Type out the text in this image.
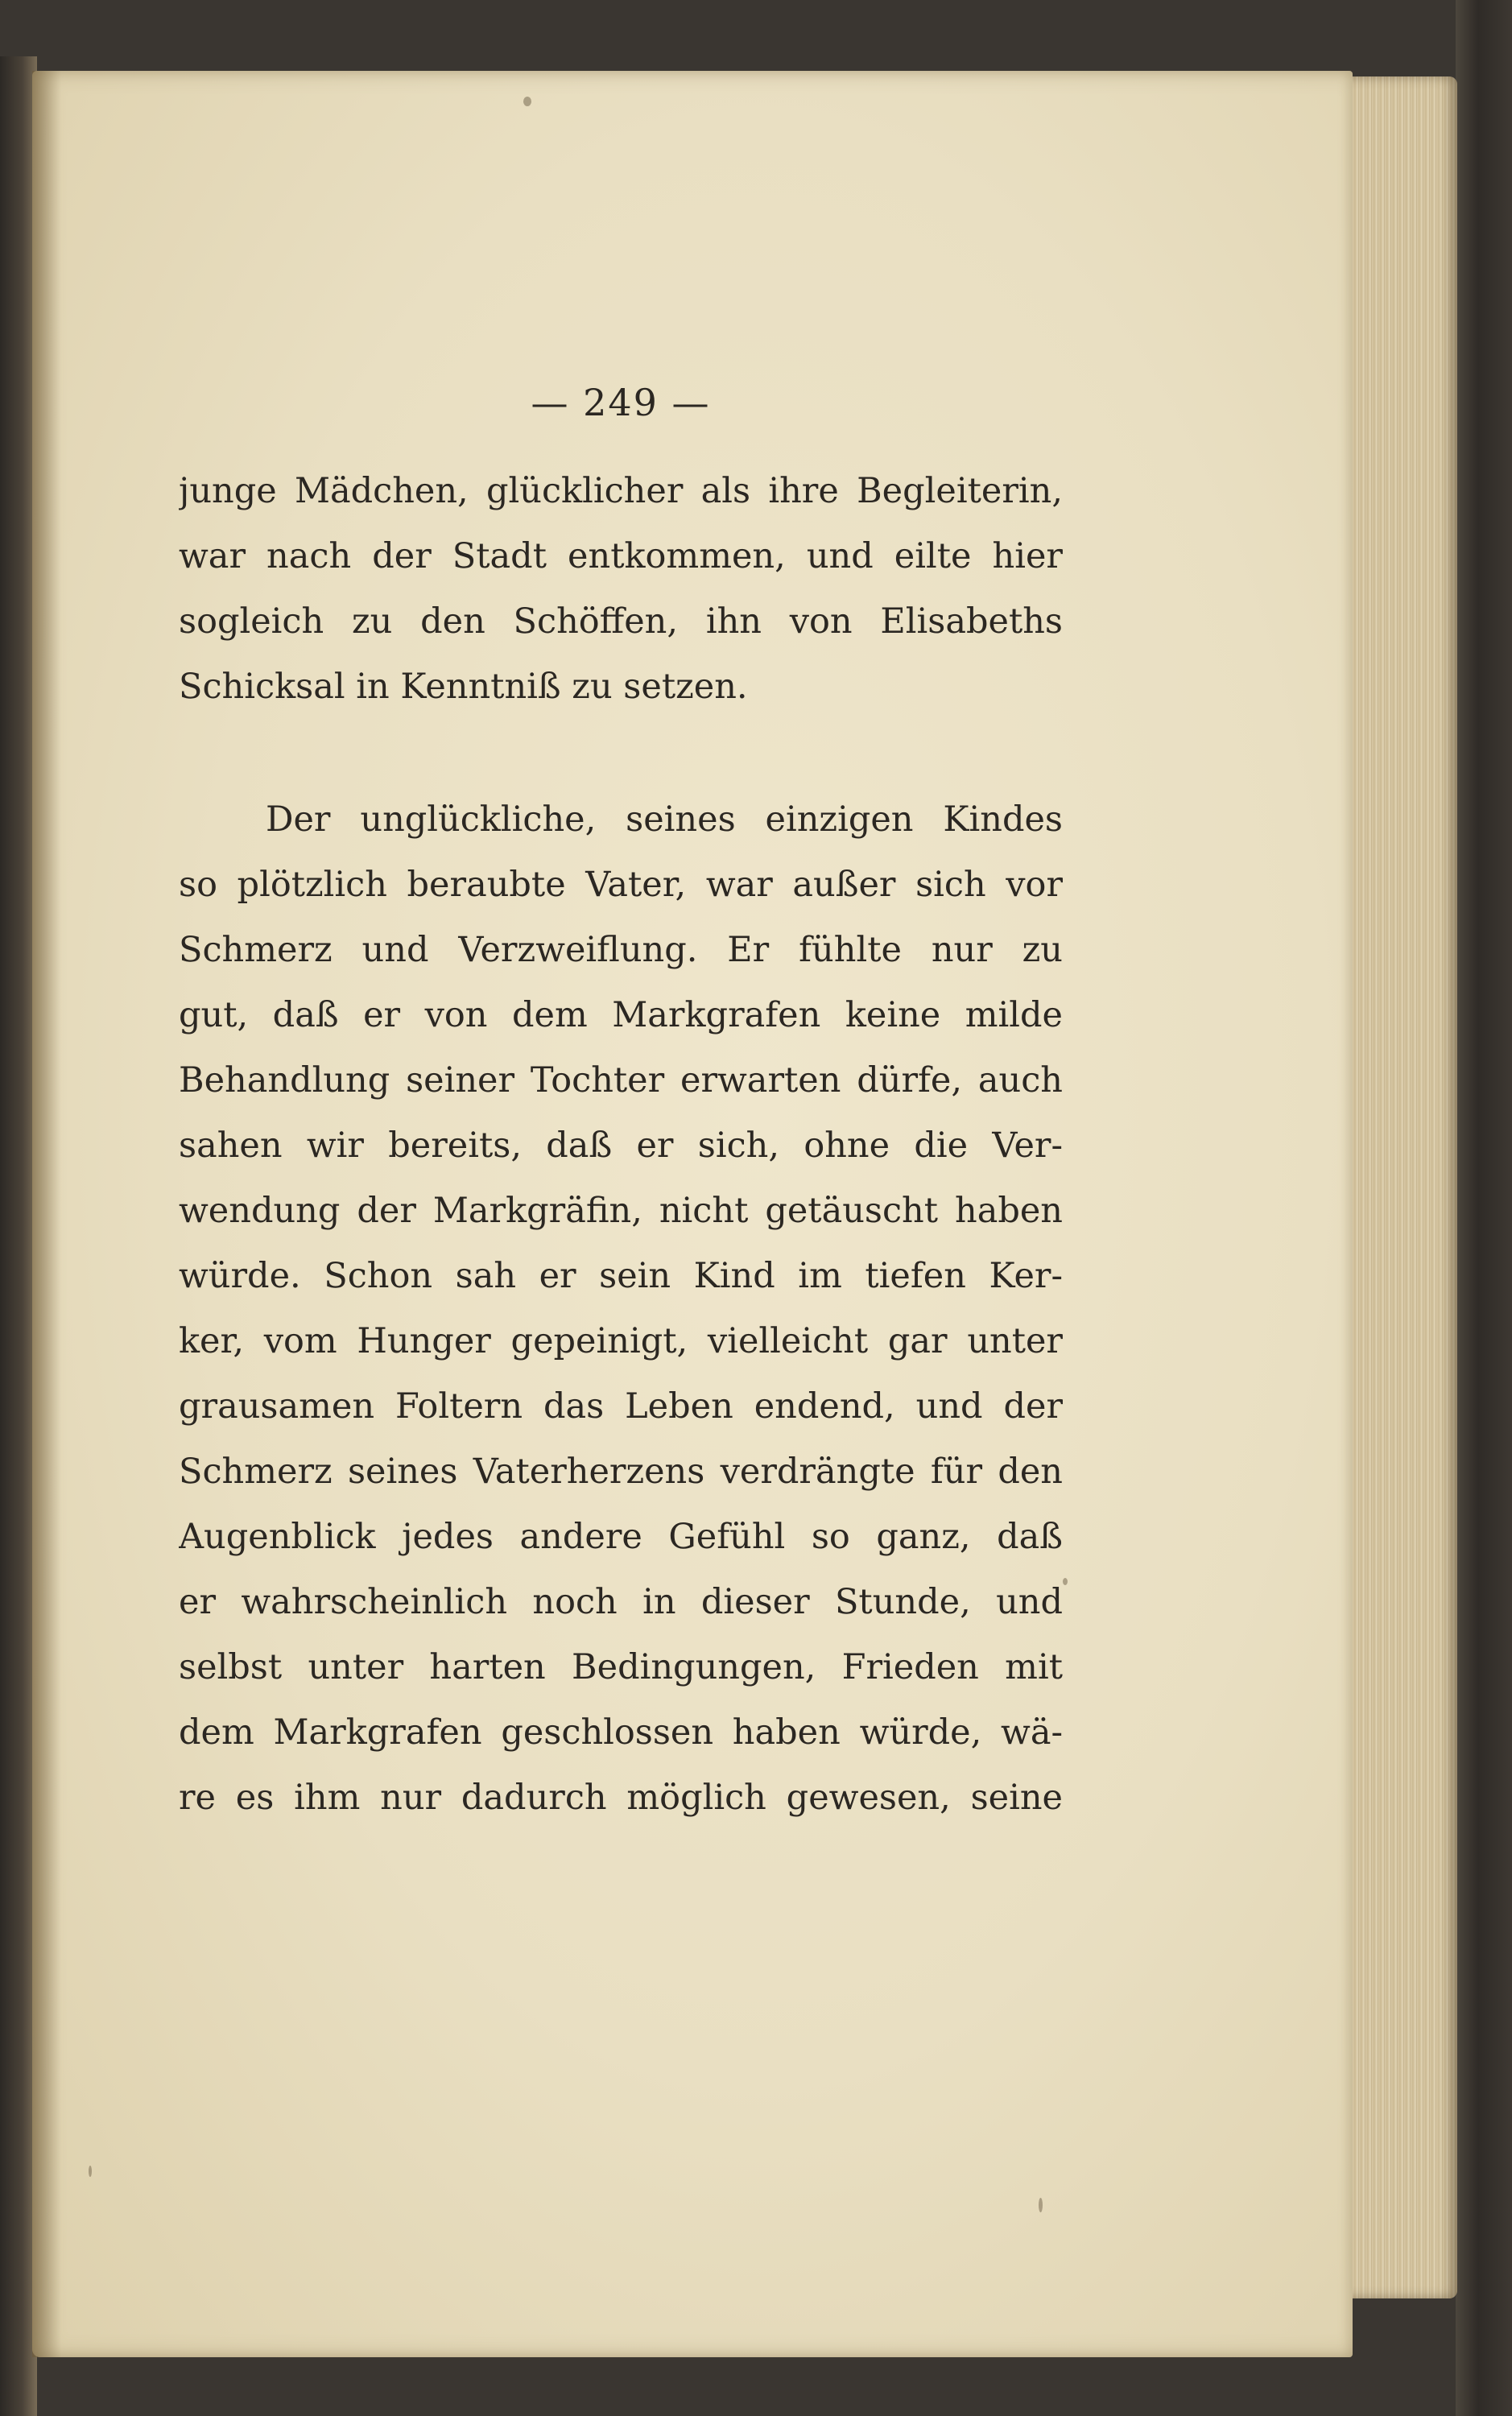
— 249 —
junge Mädchen, glücklicher als ihre Begleiterin,
war nach der Stadt entkommen, und eilte hier
sogleich zu den Schöffen, ihn von Elisabeths
Schicksal in Kenntniß zu setzen.
Der unglückliche, seines einzigen Kindes
so plötzlich beraubte Vater, war außer sich vor
Schmerz und Verzweiflung. Er fühlte nur zu
gut, daß er von dem Markgrafen keine milde
Behandlung seiner Tochter erwarten dürfe, auch
sahen wir bereits, daß er sich, ohne die Ver-
wendung der Markgräfin, nicht getäuscht haben
würde. Schon sah er sein Kind im tiefen Ker-
ker, vom Hunger gepeinigt, vielleicht gar unter
grausamen Foltern das Leben endend, und der
Schmerz seines Vaterherzens verdrängte für den
Augenblick jedes andere Gefühl so ganz, daß
er wahrscheinlich noch in dieser Stunde, und
selbst unter harten Bedingungen, Frieden mit
dem Markgrafen geschlossen haben würde, wä-
re es ihm nur dadurch möglich gewesen, seine
